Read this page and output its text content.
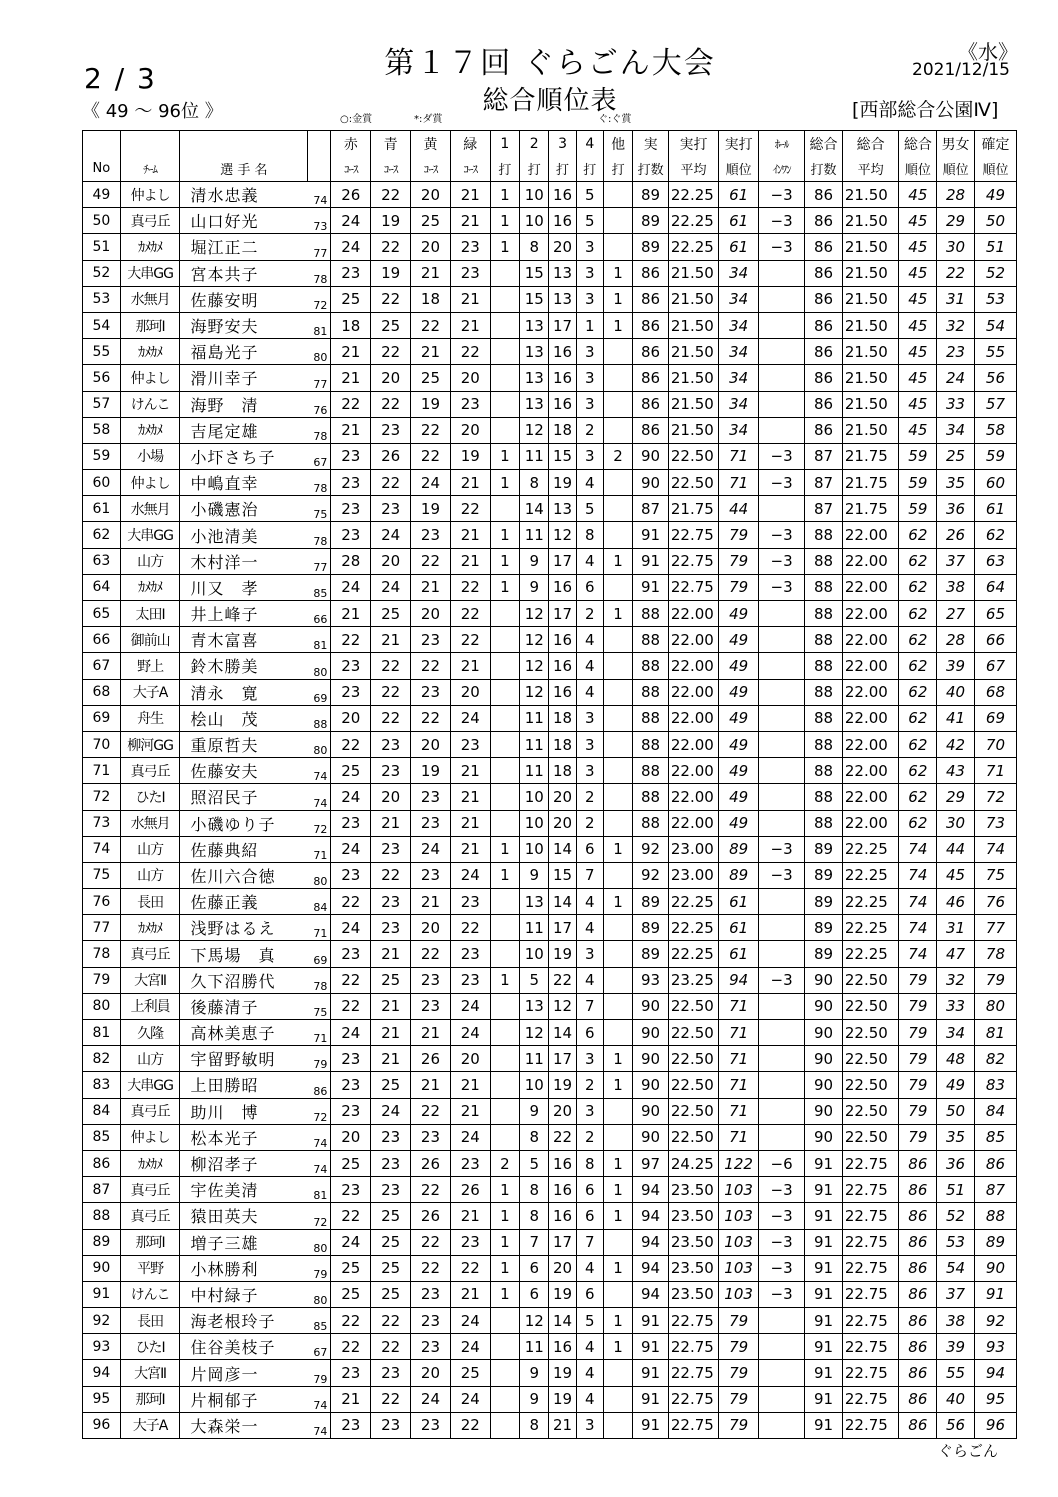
第１７回 ぐらごん大会
総合順位表
2 / 3
《 49 ～ 96位 》
《水》
2021/12/15
[西部総合公園Ⅳ]
○:金賞	*:ダ賞	ぐ:ぐ賞
				赤	青	黄	緑	1	2	3	4	他	実	実打	実打	ﾎｰﾙ	総合	総合	総合	男女	確定
No	ﾁｰﾑ	選 手 名		ｺｰｽ	ｺｰｽ	ｺｰｽ	ｺｰｽ	打	打	打	打	打	打数	平均	順位	ｲﾝﾜﾝ	打数	平均	順位	順位	順位
49	仲よし	清水忠義	74	26	22	20	21	1	10	16	5		89	22.25	61	−3	86	21.50	45	28	49
50	真弓丘	山口好光	73	24	19	25	21	1	10	16	5		89	22.25	61	−3	86	21.50	45	29	50
51	ｶﾒｶﾒ	堀江正二	77	24	22	20	23	1	8	20	3		89	22.25	61	−3	86	21.50	45	30	51
52	大串GG	宮本共子	78	23	19	21	23		15	13	3	1	86	21.50	34		86	21.50	45	22	52
53	水無月	佐藤安明	72	25	22	18	21		15	13	3	1	86	21.50	34		86	21.50	45	31	53
54	那珂Ⅰ	海野安夫	81	18	25	22	21		13	17	1	1	86	21.50	34		86	21.50	45	32	54
55	ｶﾒｶﾒ	福島光子	80	21	22	21	22		13	16	3		86	21.50	34		86	21.50	45	23	55
56	仲よし	滑川幸子	77	21	20	25	20		13	16	3		86	21.50	34		86	21.50	45	24	56
57	けんこ	海野　清	76	22	22	19	23		13	16	3		86	21.50	34		86	21.50	45	33	57
58	ｶﾒｶﾒ	吉尾定雄	78	21	23	22	20		12	18	2		86	21.50	34		86	21.50	45	34	58
59	小場	小圷さち子	67	23	26	22	19	1	11	15	3	2	90	22.50	71	−3	87	21.75	59	25	59
60	仲よし	中嶋直幸	78	23	22	24	21	1	8	19	4		90	22.50	71	−3	87	21.75	59	35	60
61	水無月	小磯憲治	75	23	23	19	22		14	13	5		87	21.75	44		87	21.75	59	36	61
62	大串GG	小池清美	78	23	24	23	21	1	11	12	8		91	22.75	79	−3	88	22.00	62	26	62
63	山方	木村洋一	77	28	20	22	21	1	9	17	4	1	91	22.75	79	−3	88	22.00	62	37	63
64	ｶﾒｶﾒ	川又　孝	85	24	24	21	22	1	9	16	6		91	22.75	79	−3	88	22.00	62	38	64
65	太田Ⅰ	井上峰子	66	21	25	20	22		12	17	2	1	88	22.00	49		88	22.00	62	27	65
66	御前山	青木富喜	81	22	21	23	22		12	16	4		88	22.00	49		88	22.00	62	28	66
67	野上	鈴木勝美	80	23	22	22	21		12	16	4		88	22.00	49		88	22.00	62	39	67
68	大子A	清永　寛	69	23	22	23	20		12	16	4		88	22.00	49		88	22.00	62	40	68
69	舟生	桧山　茂	88	20	22	22	24		11	18	3		88	22.00	49		88	22.00	62	41	69
70	柳河GG	重原哲夫	80	22	23	20	23		11	18	3		88	22.00	49		88	22.00	62	42	70
71	真弓丘	佐藤安夫	74	25	23	19	21		11	18	3		88	22.00	49		88	22.00	62	43	71
72	ひたⅠ	照沼民子	74	24	20	23	21		10	20	2		88	22.00	49		88	22.00	62	29	72
73	水無月	小磯ゆり子	72	23	21	23	21		10	20	2		88	22.00	49		88	22.00	62	30	73
74	山方	佐藤典紹	71	24	23	24	21	1	10	14	6	1	92	23.00	89	−3	89	22.25	74	44	74
75	山方	佐川六合徳	80	23	22	23	24	1	9	15	7		92	23.00	89	−3	89	22.25	74	45	75
76	長田	佐藤正義	84	22	23	21	23		13	14	4	1	89	22.25	61		89	22.25	74	46	76
77	ｶﾒｶﾒ	浅野はるえ	71	24	23	20	22		11	17	4		89	22.25	61		89	22.25	74	31	77
78	真弓丘	下馬場　真	69	23	21	22	23		10	19	3		89	22.25	61		89	22.25	74	47	78
79	大宮Ⅱ	久下沼勝代	78	22	25	23	23	1	5	22	4		93	23.25	94	−3	90	22.50	79	32	79
80	上利員	後藤清子	75	22	21	23	24		13	12	7		90	22.50	71		90	22.50	79	33	80
81	久隆	高林美恵子	71	24	21	21	24		12	14	6		90	22.50	71		90	22.50	79	34	81
82	山方	宇留野敏明	79	23	21	26	20		11	17	3	1	90	22.50	71		90	22.50	79	48	82
83	大串GG	上田勝昭	86	23	25	21	21		10	19	2	1	90	22.50	71		90	22.50	79	49	83
84	真弓丘	助川　博	72	23	24	22	21		9	20	3		90	22.50	71		90	22.50	79	50	84
85	仲よし	松本光子	74	20	23	23	24		8	22	2		90	22.50	71		90	22.50	79	35	85
86	ｶﾒｶﾒ	柳沼孝子	74	25	23	26	23	2	5	16	8	1	97	24.25	122	−6	91	22.75	86	36	86
87	真弓丘	宇佐美清	81	23	23	22	26	1	8	16	6	1	94	23.50	103	−3	91	22.75	86	51	87
88	真弓丘	猿田英夫	72	22	25	26	21	1	8	16	6	1	94	23.50	103	−3	91	22.75	86	52	88
89	那珂Ⅰ	増子三雄	80	24	25	22	23	1	7	17	7		94	23.50	103	−3	91	22.75	86	53	89
90	平野	小林勝利	79	25	25	22	22	1	6	20	4	1	94	23.50	103	−3	91	22.75	86	54	90
91	けんこ	中村緑子	80	25	25	23	21	1	6	19	6		94	23.50	103	−3	91	22.75	86	37	91
92	長田	海老根玲子	85	22	22	23	24		12	14	5	1	91	22.75	79		91	22.75	86	38	92
93	ひたⅠ	住谷美枝子	67	22	22	23	24		11	16	4	1	91	22.75	79		91	22.75	86	39	93
94	大宮Ⅱ	片岡彦一	79	23	23	20	25		9	19	4		91	22.75	79		91	22.75	86	55	94
95	那珂Ⅰ	片桐郁子	74	21	22	24	24		9	19	4		91	22.75	79		91	22.75	86	40	95
96	大子A	大森栄一	74	23	23	23	22		8	21	3		91	22.75	79		91	22.75	86	56	96
ぐらごん
